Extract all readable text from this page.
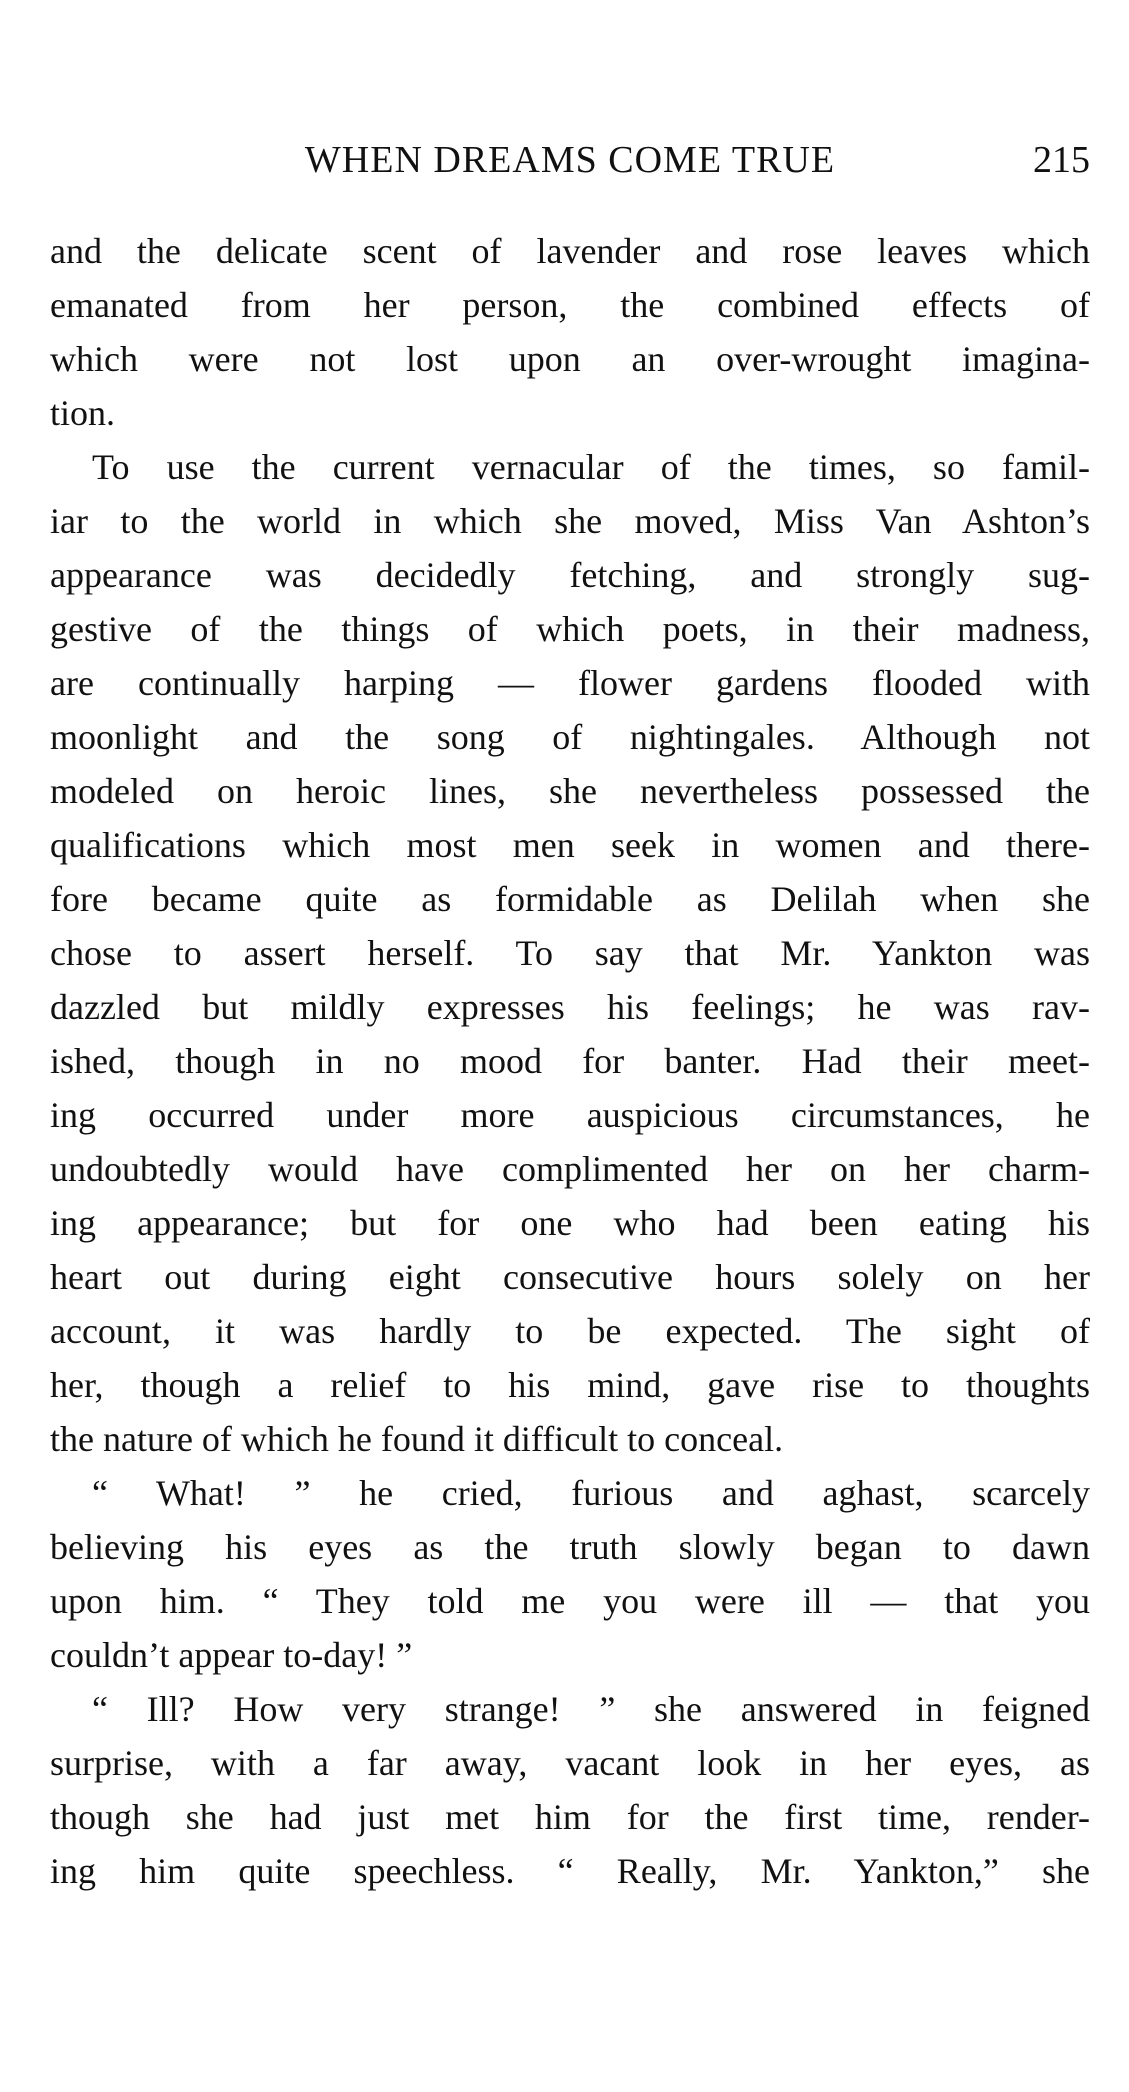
WHEN DREAMS COME TRUE	215
and the delicate scent of lavender and rose leaves which
emanated from her person, the combined effects of
which were not lost upon an over-wrought imagina-
tion.
To use the current vernacular of the times, so famil-
iar to the world in which she moved, Miss Van Ashton’s
appearance was decidedly fetching, and strongly sug-
gestive of the things of which poets, in their madness,
are continually harping — flower gardens flooded with
moonlight and the song of nightingales. Although not
modeled on heroic lines, she nevertheless possessed the
qualifications which most men seek in women and there-
fore became quite as formidable as Delilah when she
chose to assert herself. To say that Mr. Yankton was
dazzled but mildly expresses his feelings; he was rav-
ished, though in no mood for banter. Had their meet-
ing occurred under more auspicious circumstances, he
undoubtedly would have complimented her on her charm-
ing appearance; but for one who had been eating his
heart out during eight consecutive hours solely on her
account, it was hardly to be expected. The sight of
her, though a relief to his mind, gave rise to thoughts
the nature of which he found it difficult to conceal.
“ What! ” he cried, furious and aghast, scarcely
believing his eyes as the truth slowly began to dawn
upon him. “ They told me you were ill — that you
couldn’t appear to-day! ”
“ Ill? How very strange! ” she answered in feigned
surprise, with a far away, vacant look in her eyes, as
though she had just met him for the first time, render-
ing him quite speechless. “ Really, Mr. Yankton,” she
